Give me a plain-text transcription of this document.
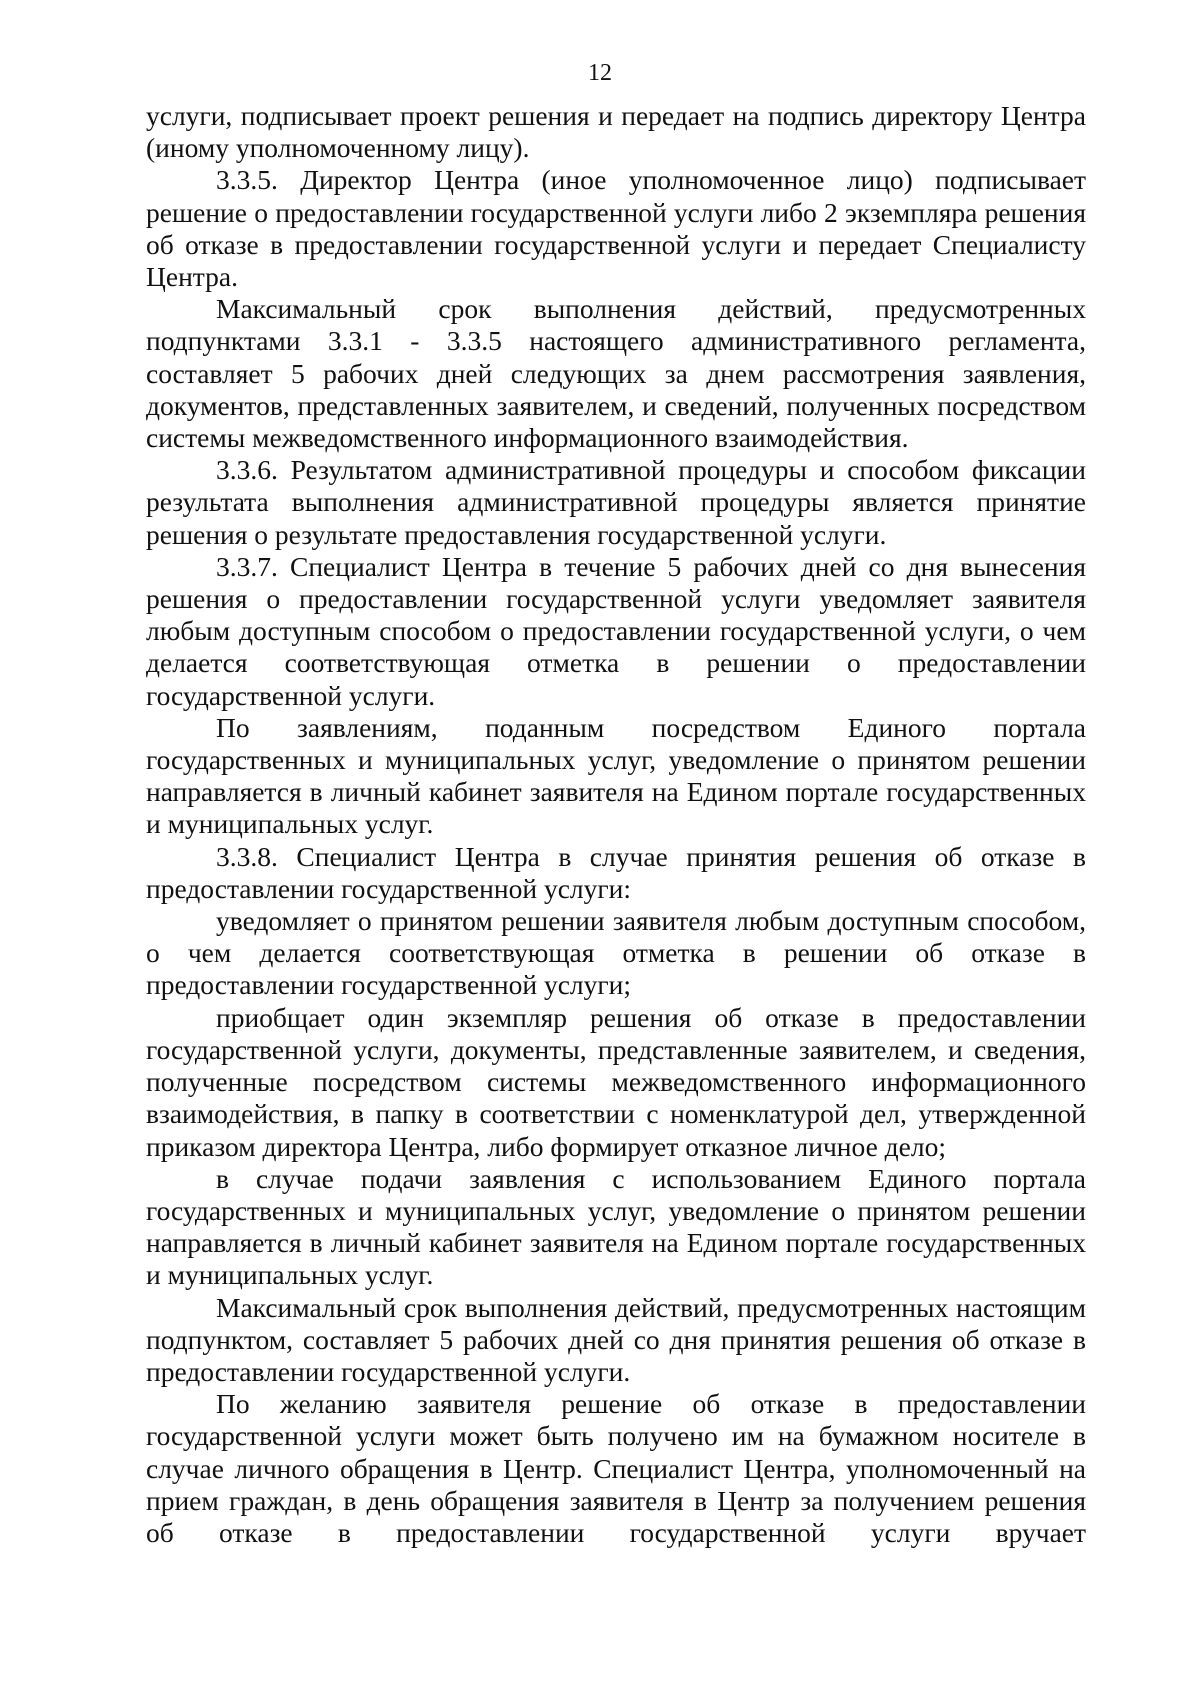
12

услуги, подписывает проект решения и передает на подпись директору Центра (иному уполномоченному лицу).

3.3.5. Директор Центра (иное уполномоченное лицо) подписывает решение о предоставлении государственной услуги либо 2 экземпляра решения об отказе в предоставлении государственной услуги и передает Специалисту Центра.

Максимальный срок выполнения действий, предусмотренных подпунктами 3.3.1 - 3.3.5 настоящего административного регламента, составляет 5 рабочих дней следующих за днем рассмотрения заявления, документов, представленных заявителем, и сведений, полученных посредством системы межведомственного информационного взаимодействия.

3.3.6. Результатом административной процедуры и способом фиксации результата выполнения административной процедуры является принятие решения о результате предоставления государственной услуги.

3.3.7. Специалист Центра в течение 5 рабочих дней со дня вынесения решения о предоставлении государственной услуги уведомляет заявителя любым доступным способом о предоставлении государственной услуги, о чем делается соответствующая отметка в решении о предоставлении государственной услуги.

По заявлениям, поданным посредством Единого портала государственных и муниципальных услуг, уведомление о принятом решении направляется в личный кабинет заявителя на Едином портале государственных и муниципальных услуг.

3.3.8. Специалист Центра в случае принятия решения об отказе в предоставлении государственной услуги:

уведомляет о принятом решении заявителя любым доступным способом, о чем делается соответствующая отметка в решении об отказе в предоставлении государственной услуги;

приобщает один экземпляр решения об отказе в предоставлении государственной услуги, документы, представленные заявителем, и сведения, полученные посредством системы межведомственного информационного взаимодействия, в папку в соответствии с номенклатурой дел, утвержденной приказом директора Центра, либо формирует отказное личное дело;

в случае подачи заявления с использованием Единого портала государственных и муниципальных услуг, уведомление о принятом решении направляется в личный кабинет заявителя на Едином портале государственных и муниципальных услуг.

Максимальный срок выполнения действий, предусмотренных настоящим подпунктом, составляет 5 рабочих дней со дня принятия решения об отказе в предоставлении государственной услуги.

По желанию заявителя решение об отказе в предоставлении государственной услуги может быть получено им на бумажном носителе в случае личного обращения в Центр. Специалист Центра, уполномоченный на прием граждан, в день обращения заявителя в Центр за получением решения об отказе в предоставлении государственной услуги вручает
